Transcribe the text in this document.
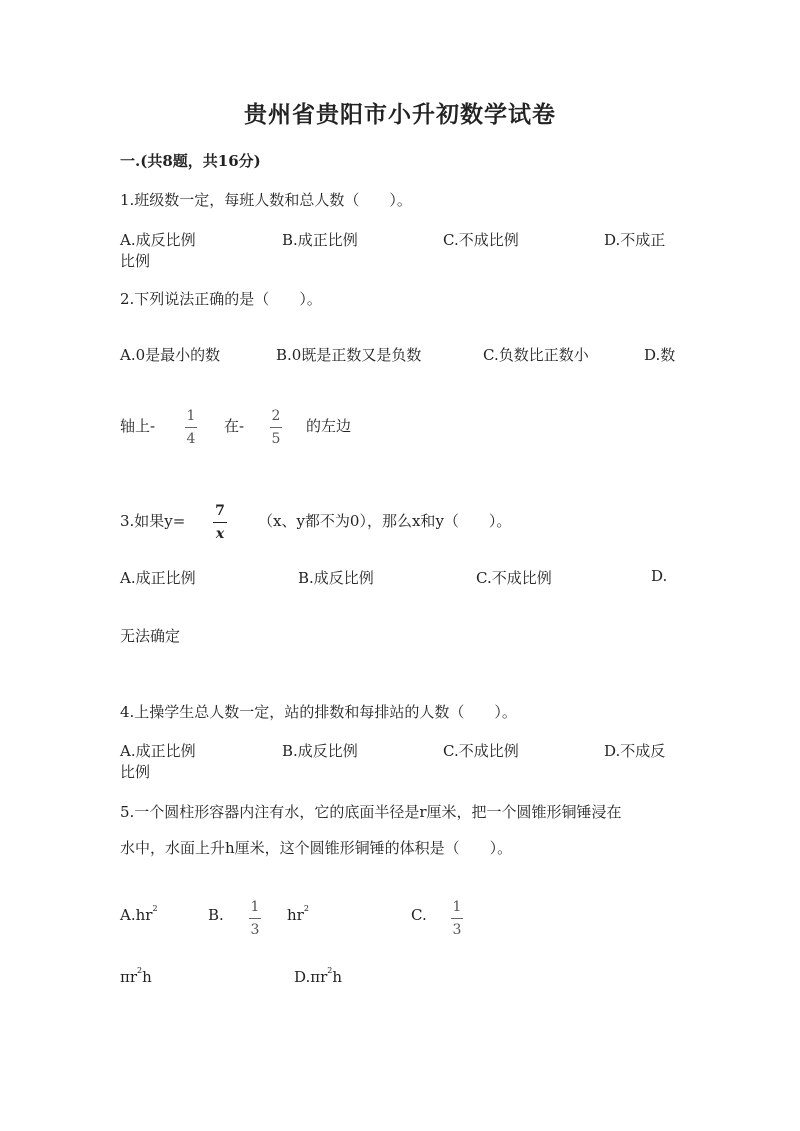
贵州省贵阳市小升初数学试卷
一.(共8题，共16分)
1.班级数一定，每班人数和总人数（　　）。
A.成反比例	B.成正比例	C.不成比例	D.不成正
比例
2.下列说法正确的是（　　）。
A.0是最小的数	B.0既是正数又是负数	C.负数比正数小	D.数
轴上-
1
4
在-
2
5
的左边
3.如果y=
7
x
（x、y都不为0），那么x和y（　　）。
A.成正比例	B.成反比例	C.不成比例	D.
无法确定
4.上操学生总人数一定，站的排数和每排站的人数（　　）。
A.成正比例	B.成反比例	C.不成比例	D.不成反
比例
5.一个圆柱形容器内注有水，它的底面半径是r厘米，把一个圆锥形铜锤浸在
水中，水面上升h厘米，这个圆锥形铜锤的体积是（　　）。
$A.hr^2$	B. 1
3
$hr^2$	C. 1
3
$\pi r^2h$	$D.\pi r^2h$
